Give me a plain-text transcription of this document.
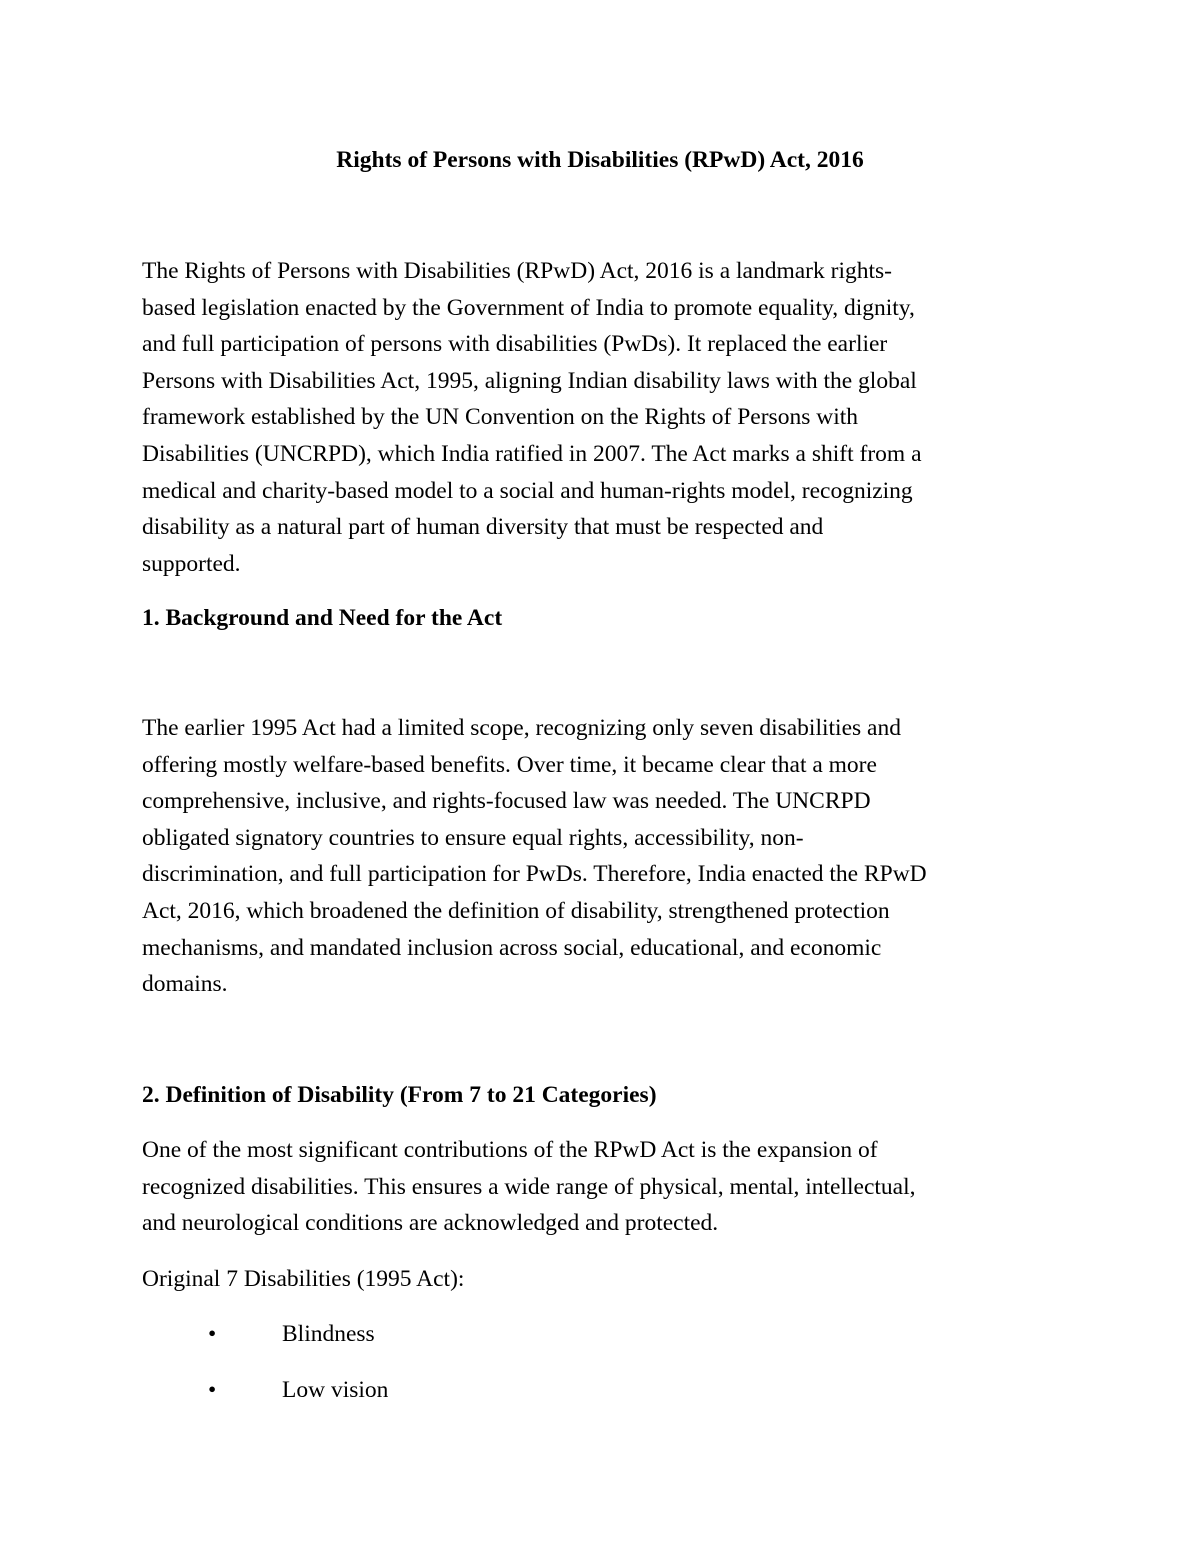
Rights of Persons with Disabilities (RPwD) Act, 2016

The Rights of Persons with Disabilities (RPwD) Act, 2016 is a landmark rights-
based legislation enacted by the Government of India to promote equality, dignity,
and full participation of persons with disabilities (PwDs). It replaced the earlier
Persons with Disabilities Act, 1995, aligning Indian disability laws with the global
framework established by the UN Convention on the Rights of Persons with
Disabilities (UNCRPD), which India ratified in 2007. The Act marks a shift from a
medical and charity-based model to a social and human-rights model, recognizing
disability as a natural part of human diversity that must be respected and
supported.

1. Background and Need for the Act

The earlier 1995 Act had a limited scope, recognizing only seven disabilities and
offering mostly welfare-based benefits. Over time, it became clear that a more
comprehensive, inclusive, and rights-focused law was needed. The UNCRPD
obligated signatory countries to ensure equal rights, accessibility, non-
discrimination, and full participation for PwDs. Therefore, India enacted the RPwD
Act, 2016, which broadened the definition of disability, strengthened protection
mechanisms, and mandated inclusion across social, educational, and economic
domains.

2. Definition of Disability (From 7 to 21 Categories)

One of the most significant contributions of the RPwD Act is the expansion of
recognized disabilities. This ensures a wide range of physical, mental, intellectual,
and neurological conditions are acknowledged and protected.

Original 7 Disabilities (1995 Act):

•	Blindness
•	Low vision
